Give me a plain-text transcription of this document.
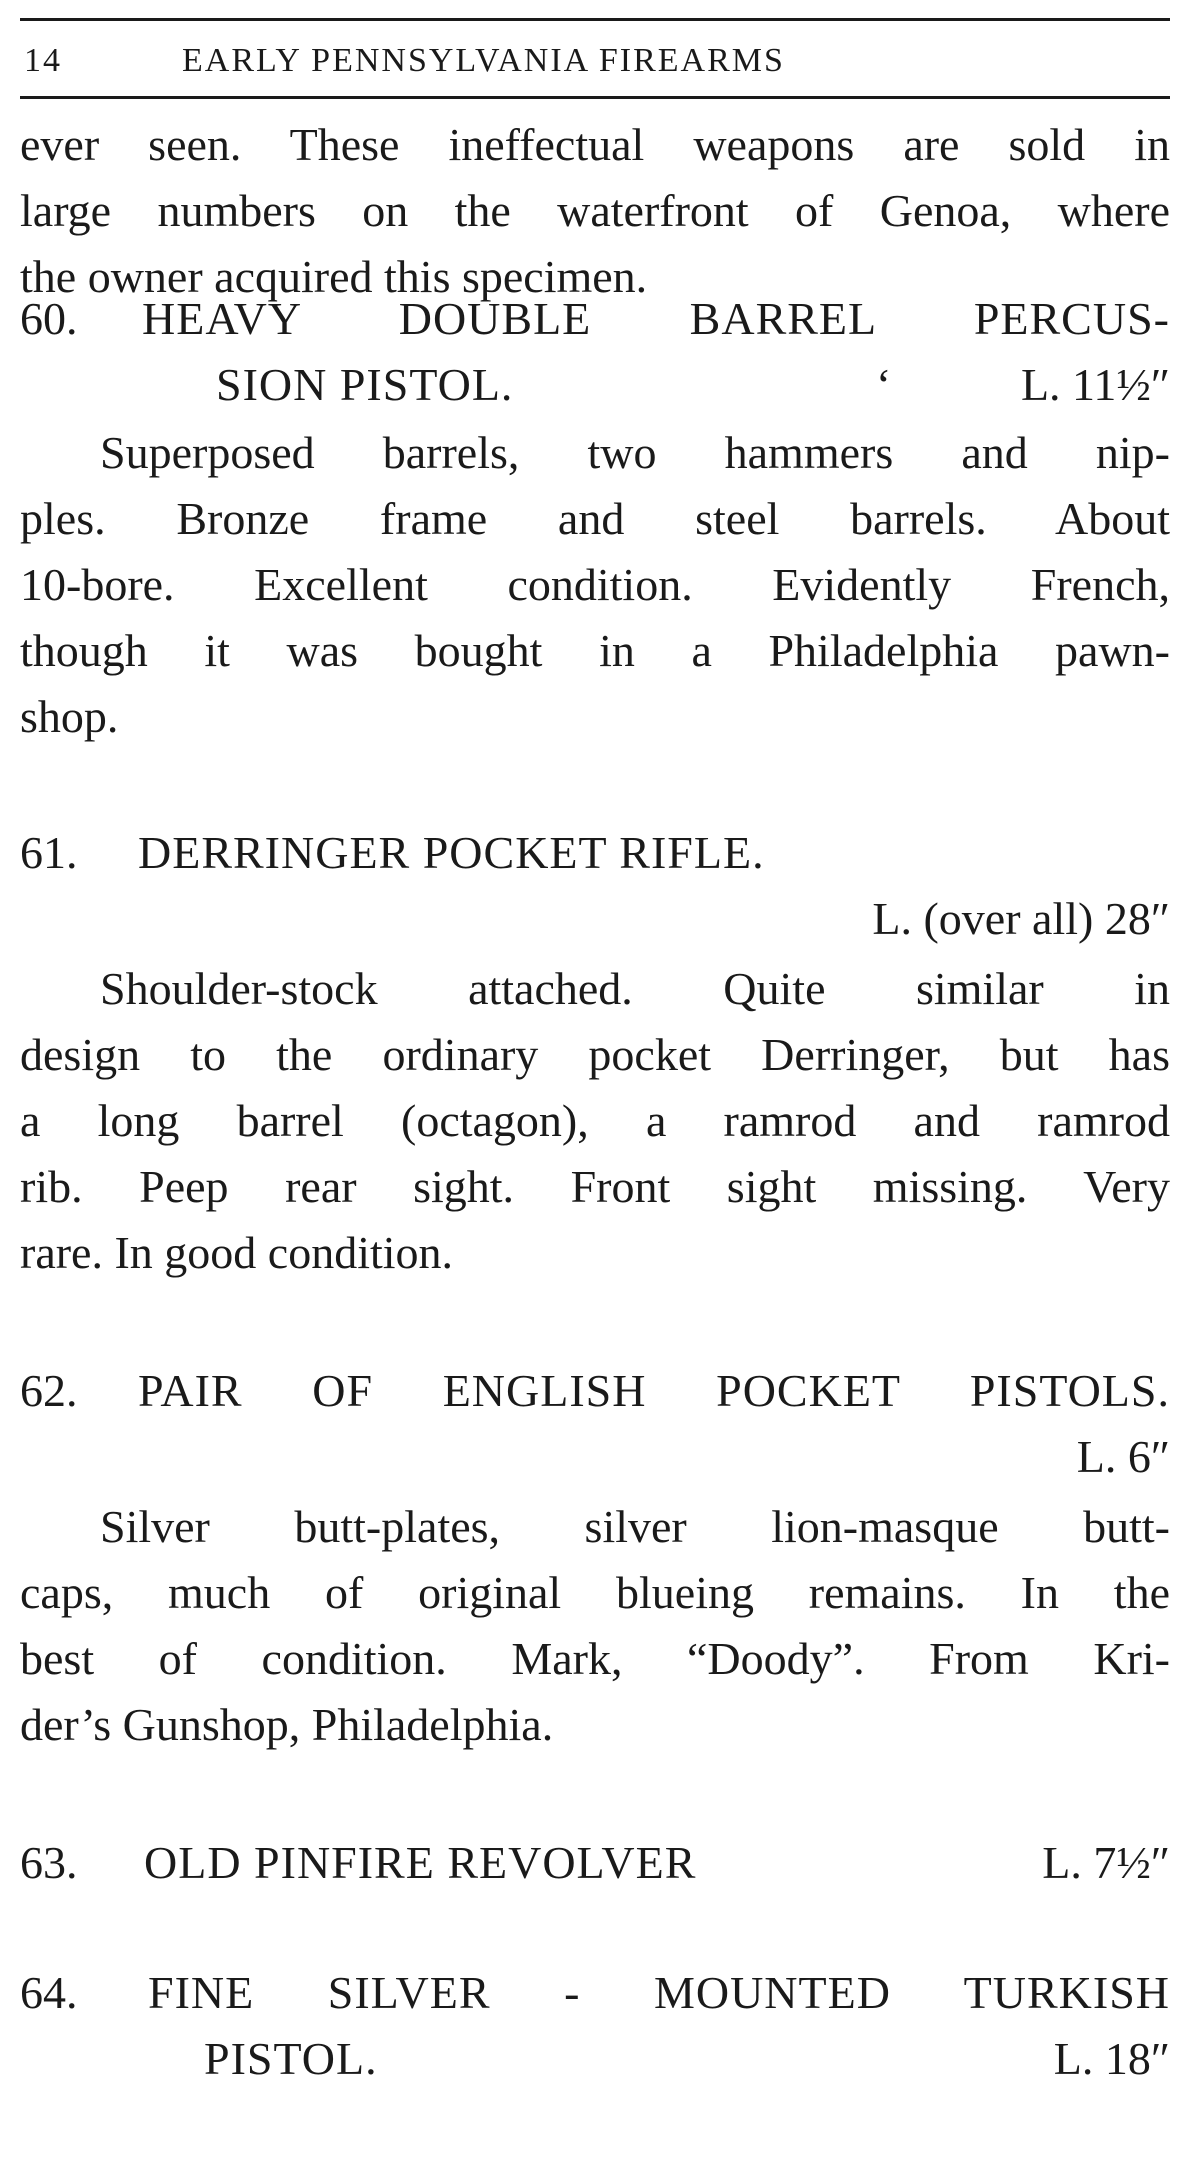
14	EARLY PENNSYLVANIA FIREARMS
ever seen. These ineffectual weapons are sold in
large numbers on the waterfront of Genoa, where
the owner acquired this specimen.
60. HEAVY DOUBLE BARREL PERCUS-
SION PISTOL.	ʻ	L. 11½″
Superposed barrels, two hammers and nip-
ples. Bronze frame and steel barrels. About
10-bore. Excellent condition. Evidently French,
though it was bought in a Philadelphia pawn-
shop.
61. DERRINGER POCKET RIFLE.
L. (over all) 28″
Shoulder-stock attached. Quite similar in
design to the ordinary pocket Derringer, but has
a long barrel (octagon), a ramrod and ramrod
rib. Peep rear sight. Front sight missing. Very
rare. In good condition.
62. PAIR OF ENGLISH POCKET PISTOLS.
L. 6″
Silver butt-plates, silver lion-masque butt-
caps, much of original blueing remains. In the
best of condition. Mark, “Doody”. From Kri-
der’s Gunshop, Philadelphia.
63. OLD PINFIRE REVOLVER	L. 7½″
64. FINE SILVER - MOUNTED TURKISH
PISTOL.	L. 18″
